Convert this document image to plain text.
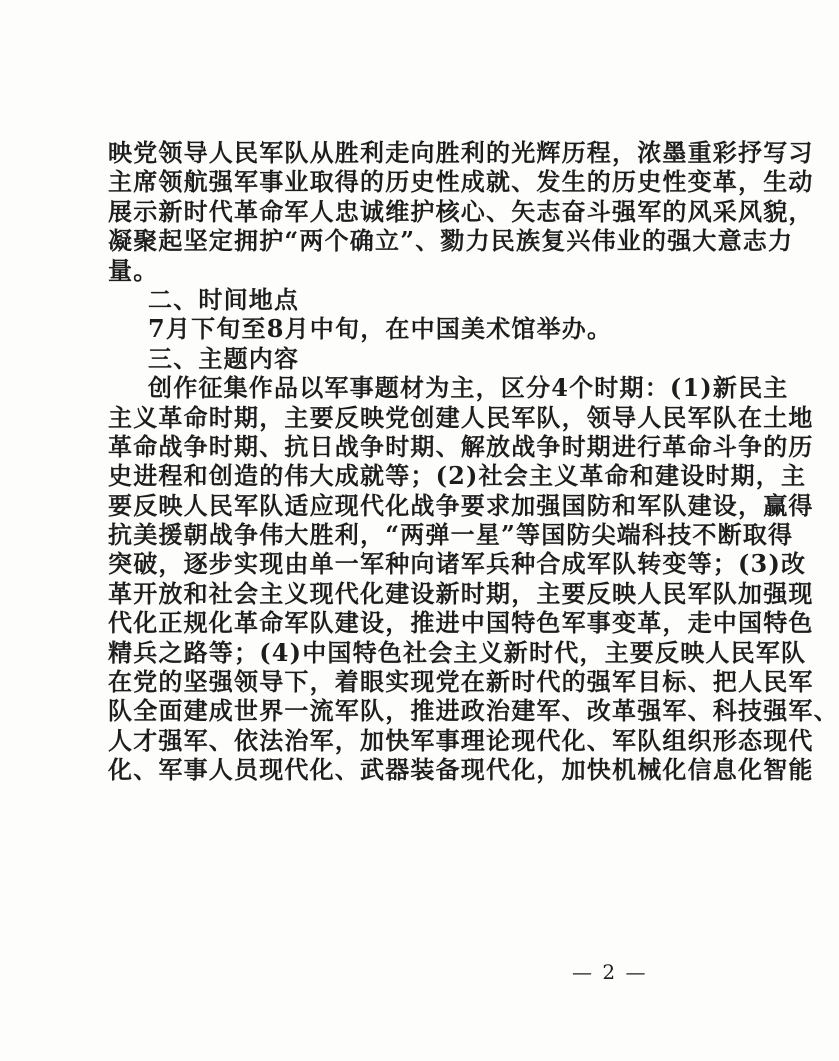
映党领导人民军队从胜利走向胜利的光辉历程，浓墨重彩抒写习
主席领航强军事业取得的历史性成就、发生的历史性变革，生动
展示新时代革命军人忠诚维护核心、矢志奋斗强军的风采风貌，
凝聚起坚定拥护“两个确立”、勠力民族复兴伟业的强大意志力
量。
二、时间地点
7月下旬至8月中旬，在中国美术馆举办。
三、主题内容
创作征集作品以军事题材为主，区分4个时期：(1)新民主
主义革命时期，主要反映党创建人民军队，领导人民军队在土地
革命战争时期、抗日战争时期、解放战争时期进行革命斗争的历
史进程和创造的伟大成就等；(2)社会主义革命和建设时期，主
要反映人民军队适应现代化战争要求加强国防和军队建设，赢得
抗美援朝战争伟大胜利，“两弹一星”等国防尖端科技不断取得
突破，逐步实现由单一军种向诸军兵种合成军队转变等；(3)改
革开放和社会主义现代化建设新时期，主要反映人民军队加强现
代化正规化革命军队建设，推进中国特色军事变革，走中国特色
精兵之路等；(4)中国特色社会主义新时代，主要反映人民军队
在党的坚强领导下，着眼实现党在新时代的强军目标、把人民军
队全面建成世界一流军队，推进政治建军、改革强军、科技强军、
人才强军、依法治军，加快军事理论现代化、军队组织形态现代
化、军事人员现代化、武器装备现代化，加快机械化信息化智能
— 2 —
